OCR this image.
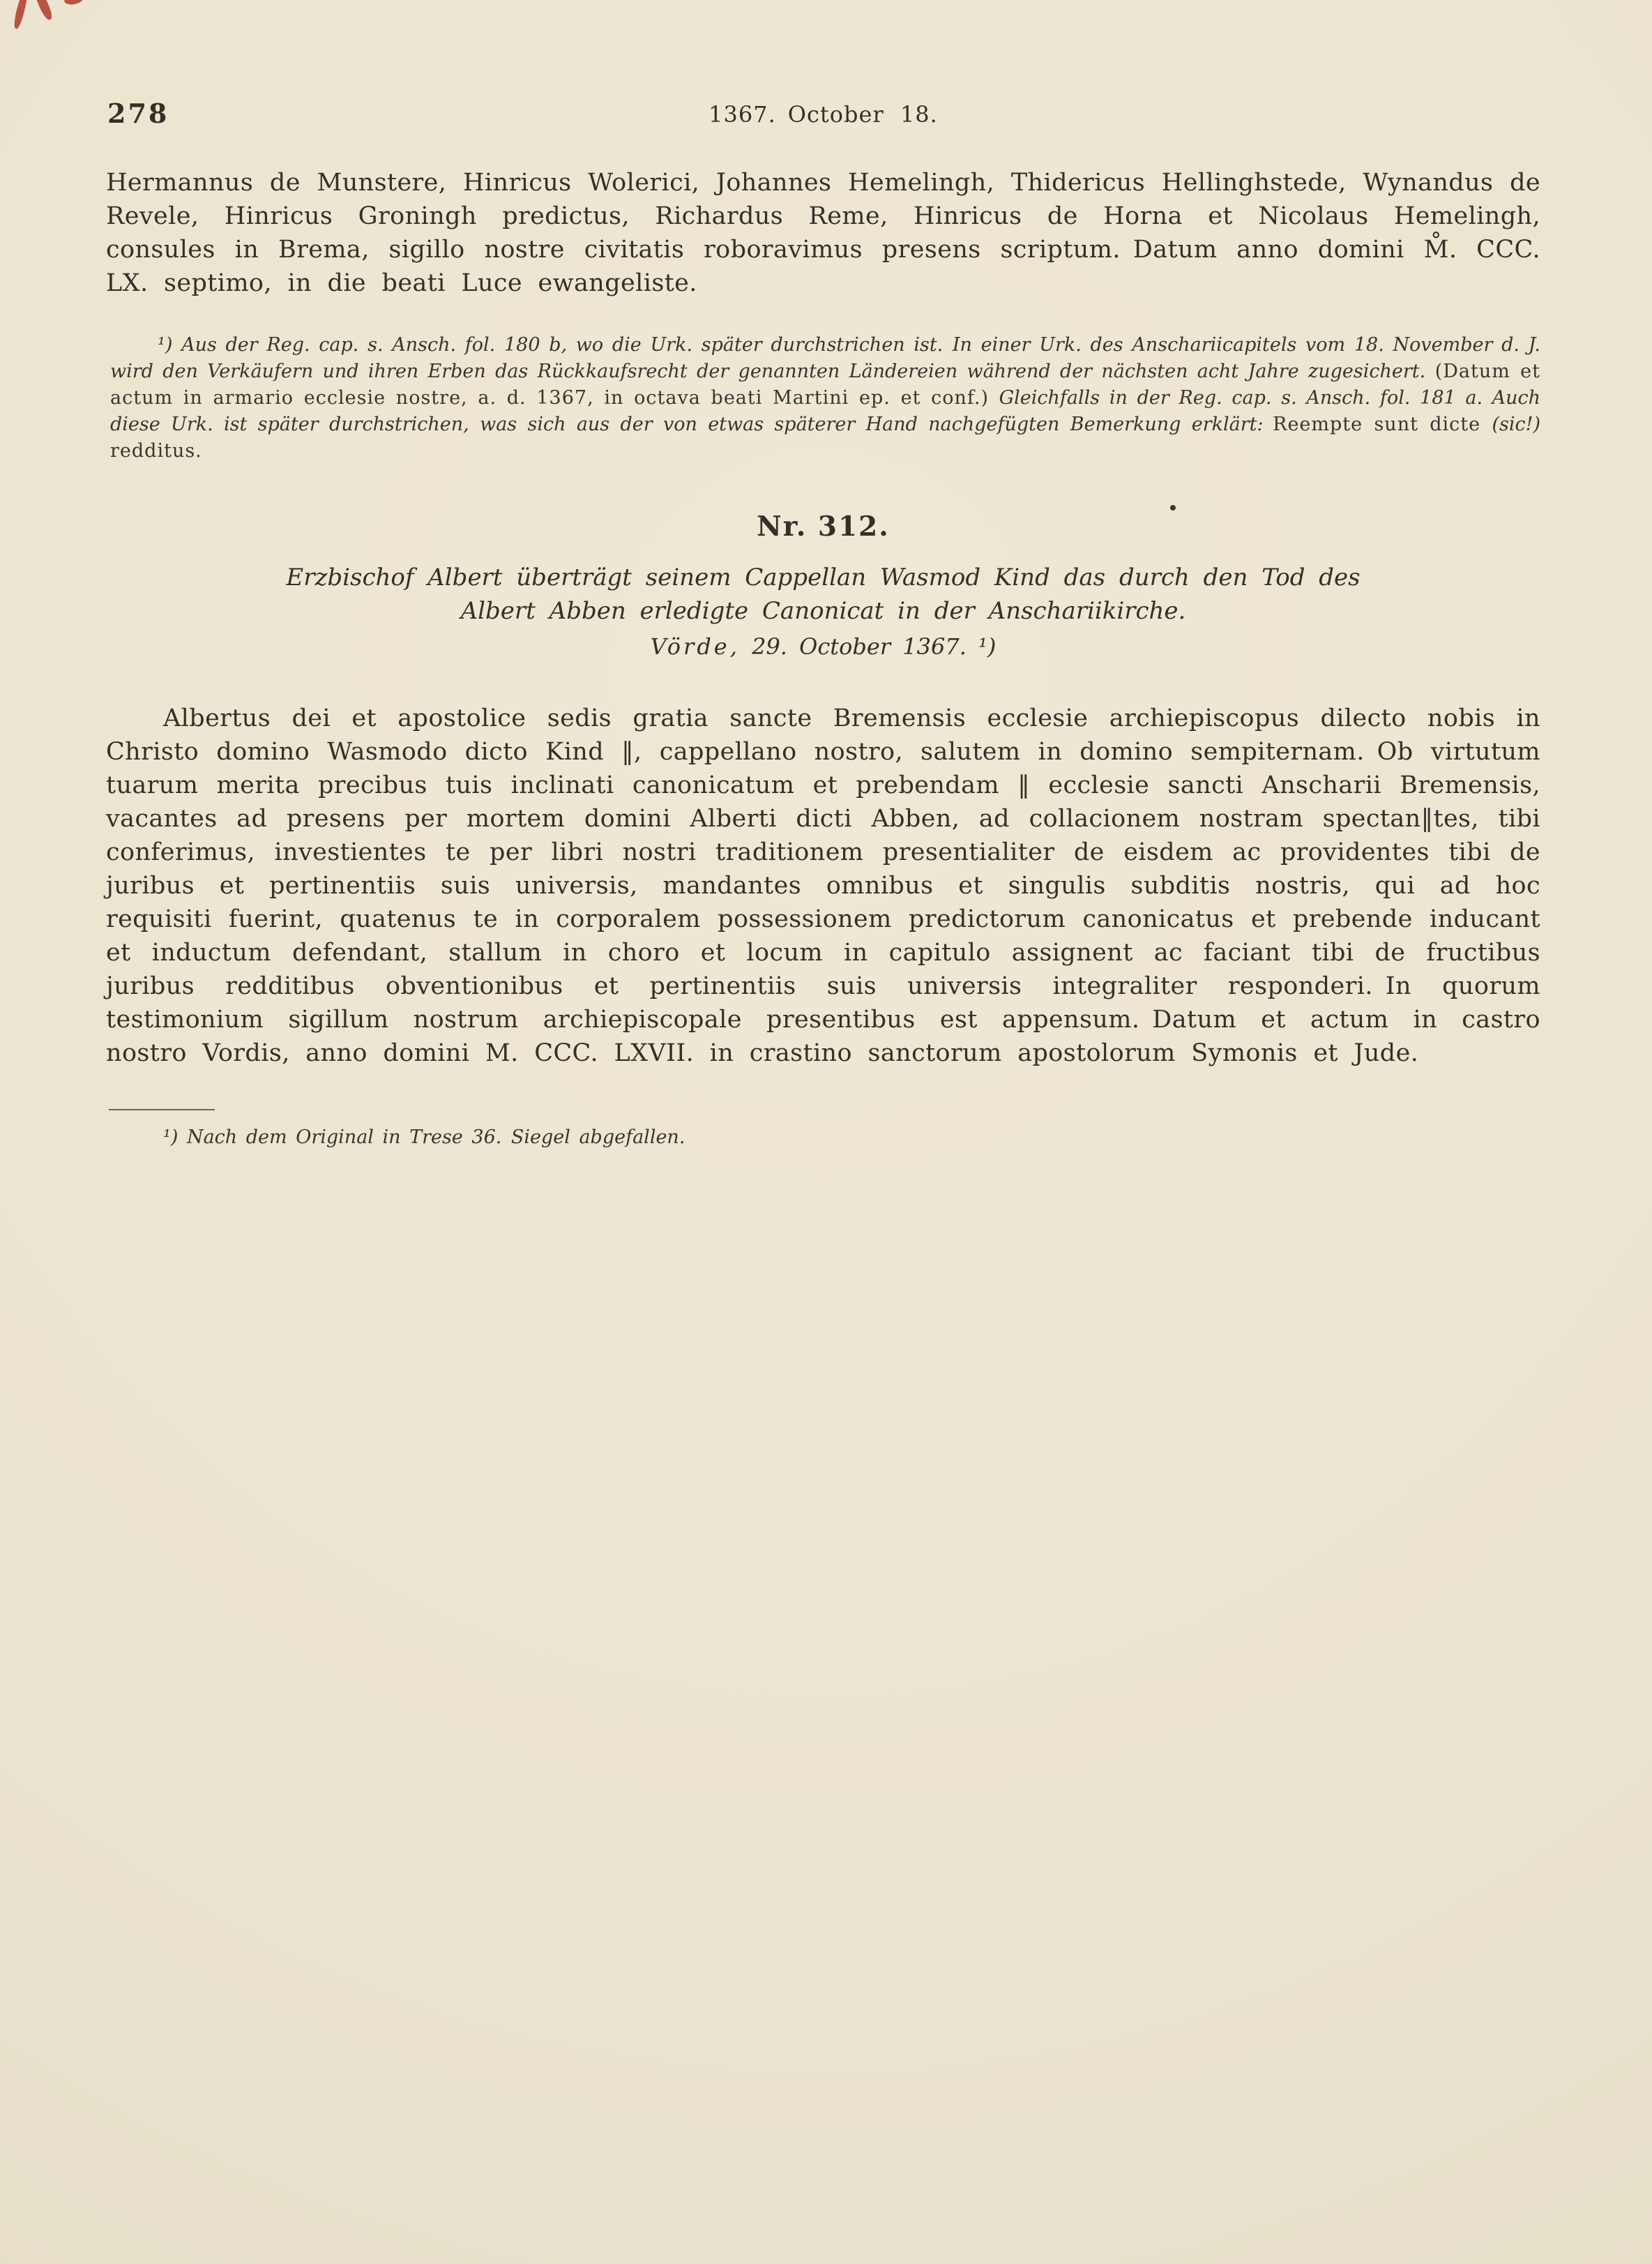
278	1367. October 18.

Hermannus de Munstere, Hinricus Wolerici, Johannes Hemelingh, Thidericus Hellinghstede, Wynandus de Revele, Hinricus Groningh predictus, Richardus Reme, Hinricus de Horna et Nicolaus Hemelingh, consules in Brema, sigillo nostre civitatis roboravimus presens scriptum. Datum anno domini M̊. CCC. LX. septimo, in die beati Luce ewangeliste.

¹) Aus der Reg. cap. s. Ansch. fol. 180 b, wo die Urk. später durchstrichen ist. In einer Urk. des Anschariicapitels vom 18. November d. J. wird den Verkäufern und ihren Erben das Rückkaufsrecht der genannten Ländereien während der nächsten acht Jahre zugesichert. (Datum et actum in armario ecclesie nostre, a. d. 1367, in octava beati Martini ep. et conf.) Gleichfalls in der Reg. cap. s. Ansch. fol. 181 a. Auch diese Urk. ist später durchstrichen, was sich aus der von etwas späterer Hand nachgefügten Bemerkung erklärt: Reempte sunt dicte (sic!) redditus.

Nr. 312.

Erzbischof Albert überträgt seinem Cappellan Wasmod Kind das durch den Tod des
Albert Abben erledigte Canonicat in der Anschariikirche.

Vörde, 29. October 1367. ¹)

Albertus dei et apostolice sedis gratia sancte Bremensis ecclesie archiepiscopus dilecto nobis in Christo domino Wasmodo dicto Kind ‖, cappellano nostro, salutem in domino sempiternam. Ob virtutum tuarum merita precibus tuis inclinati canonicatum et prebendam ‖ ecclesie sancti Anscharii Bremensis, vacantes ad presens per mortem domini Alberti dicti Abben, ad collacionem nostram spectan‖tes, tibi conferimus, investientes te per libri nostri traditionem presentialiter de eisdem ac providentes tibi de juribus et pertinentiis suis universis, mandantes omnibus et singulis subditis nostris, qui ad hoc requisiti fuerint, quatenus te in corporalem possessionem predictorum canonicatus et prebende inducant et inductum defendant, stallum in choro et locum in capitulo assignent ac faciant tibi de fructibus juribus redditibus obventionibus et pertinentiis suis universis integraliter responderi. In quorum testimonium sigillum nostrum archiepiscopale presentibus est appensum. Datum et actum in castro nostro Vordis, anno domini M. CCC. LXVII. in crastino sanctorum apostolorum Symonis et Jude.

¹) Nach dem Original in Trese 36. Siegel abgefallen.
